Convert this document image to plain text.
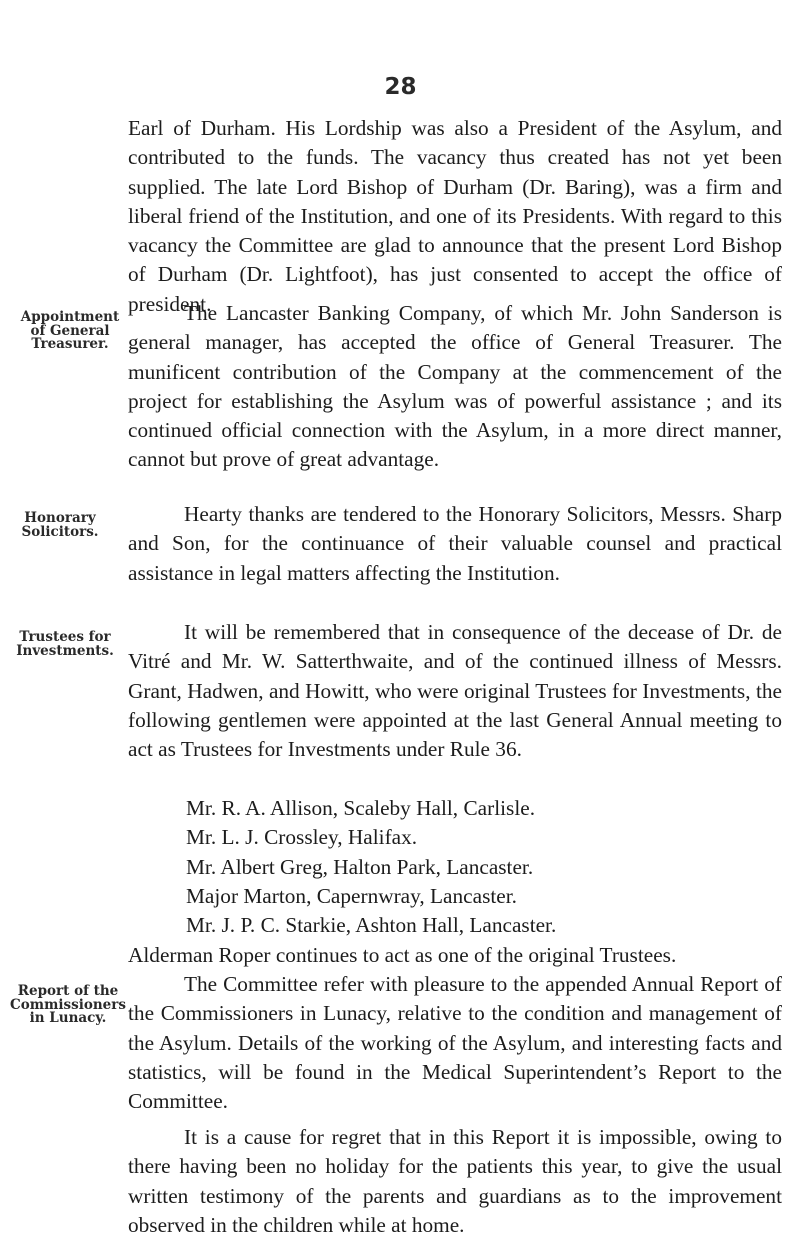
28

Earl of Durham. His Lordship was also a President of the Asylum, and contributed to the funds. The vacancy thus created has not yet been supplied. The late Lord Bishop of Durham (Dr. Baring), was a firm and liberal friend of the Institution, and one of its Presidents. With regard to this vacancy the Committee are glad to announce that the present Lord Bishop of Durham (Dr. Lightfoot), has just consented to accept the office of president.

Appointment of General Treasurer.

The Lancaster Banking Company, of which Mr. John Sanderson is general manager, has accepted the office of General Treasurer. The munificent contribution of the Company at the commencement of the project for establishing the Asylum was of powerful assistance ; and its continued official connection with the Asylum, in a more direct manner, cannot but prove of great advantage.

Honorary Solicitors.

Hearty thanks are tendered to the Honorary Solicitors, Messrs. Sharp and Son, for the continuance of their valuable counsel and practical assistance in legal matters affecting the Institution.

Trustees for Investments.

It will be remembered that in consequence of the decease of Dr. de Vitré and Mr. W. Satterthwaite, and of the continued illness of Messrs. Grant, Hadwen, and Howitt, who were original Trustees for Investments, the following gentlemen were appointed at the last General Annual meeting to act as Trustees for Investments under Rule 36.

Mr. R. A. Allison, Scaleby Hall, Carlisle.
Mr. L. J. Crossley, Halifax.
Mr. Albert Greg, Halton Park, Lancaster.
Major Marton, Capernwray, Lancaster.
Mr. J. P. C. Starkie, Ashton Hall, Lancaster.
Alderman Roper continues to act as one of the original Trustees.
Report of the Commissioners in Lunacy.

The Committee refer with pleasure to the appended Annual Report of the Commissioners in Lunacy, relative to the condition and management of the Asylum. Details of the working of the Asylum, and interesting facts and statistics, will be found in the Medical Superintendent’s Report to the Committee.

It is a cause for regret that in this Report it is impossible, owing to there having been no holiday for the patients this year, to give the usual written testimony of the parents and guardians as to the improvement observed in the children while at home.
